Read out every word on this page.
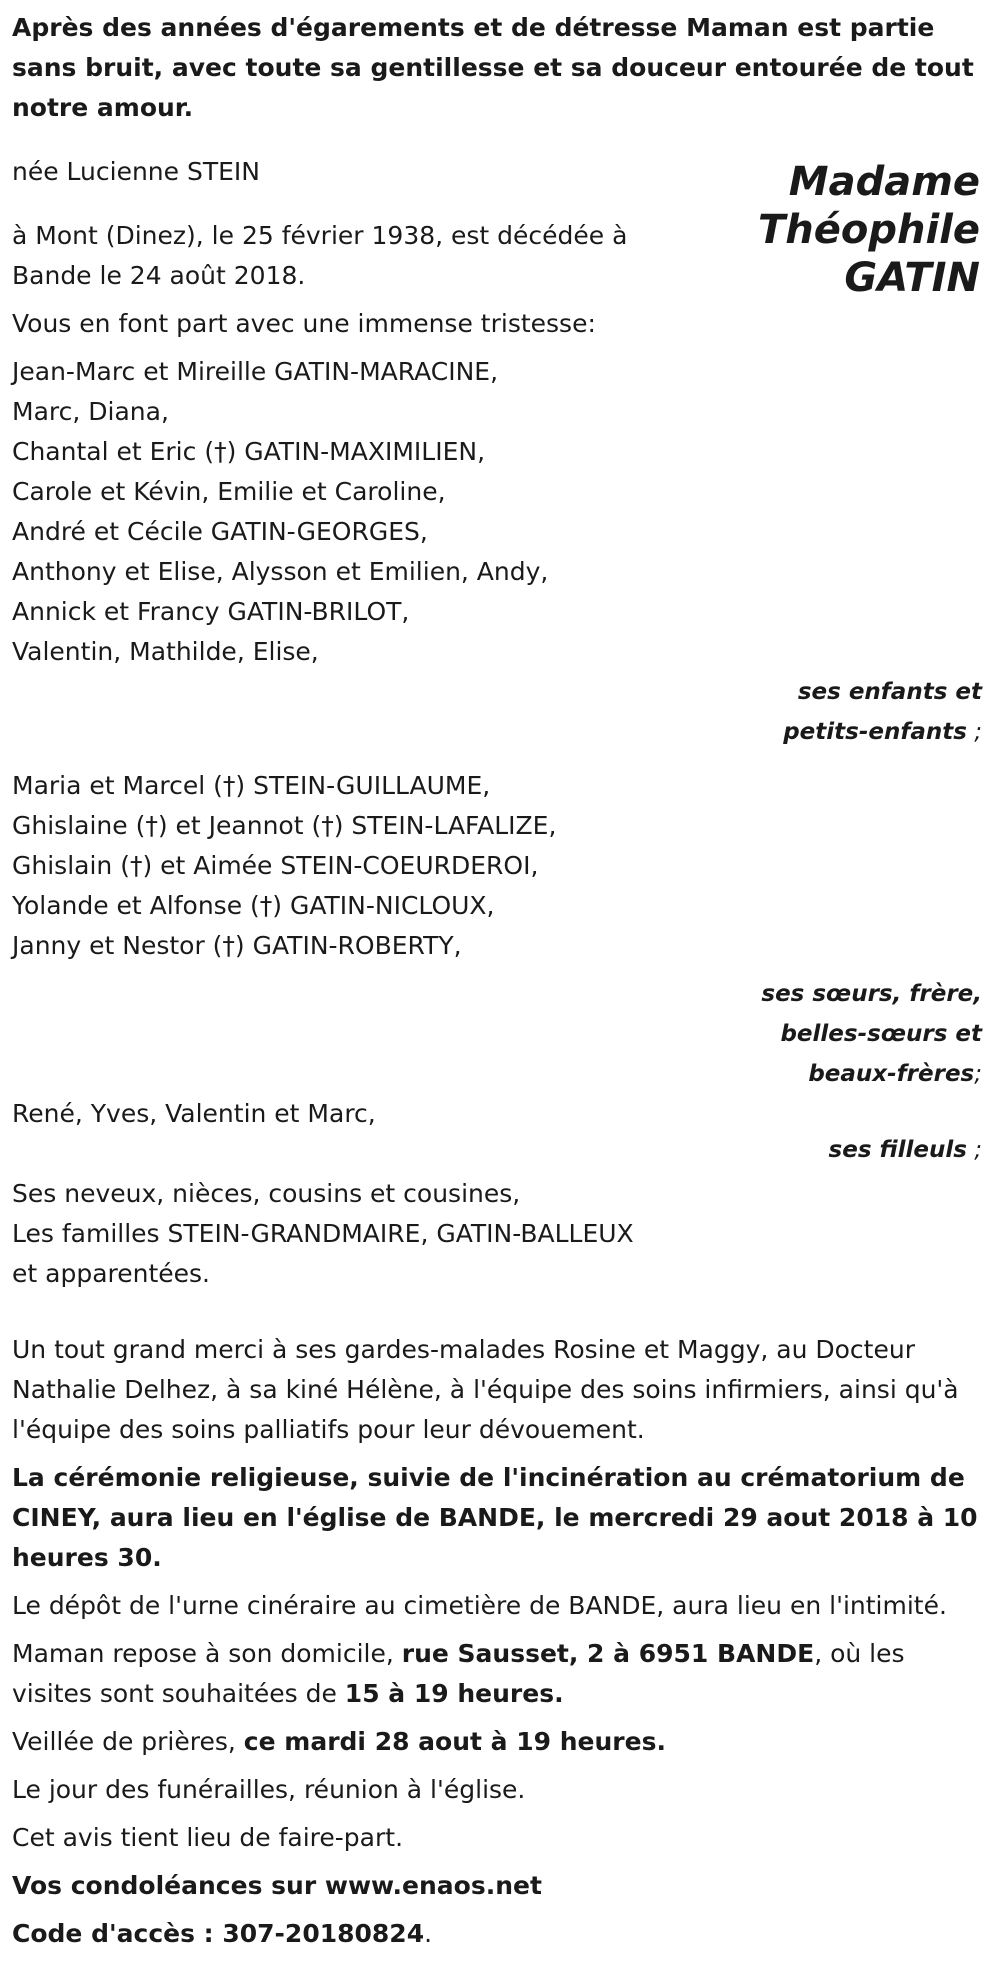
Après des années d'égarements et de détresse Maman est partie sans bruit, avec toute sa gentillesse et sa douceur entourée de tout notre amour.

Madame
Théophile
GATIN

née Lucienne STEIN

à Mont (Dinez), le 25 février 1938, est décédée à Bande le 24 août 2018.

Vous en font part avec une immense tristesse:

Jean-Marc et Mireille GATIN-MARACINE,
Marc, Diana,
Chantal et Eric (†) GATIN-MAXIMILIEN,
Carole et Kévin, Emilie et Caroline,
André et Cécile GATIN-GEORGES,
Anthony et Elise, Alysson et Emilien, Andy,
Annick et Francy GATIN-BRILOT,
Valentin, Mathilde, Elise,
ses enfants et
petits-enfants ;
Maria et Marcel (†) STEIN-GUILLAUME,
Ghislaine (†) et Jeannot (†) STEIN-LAFALIZE,
Ghislain (†) et Aimée STEIN-COEURDEROI,
Yolande et Alfonse (†) GATIN-NICLOUX,
Janny et Nestor (†) GATIN-ROBERTY,
ses sœurs, frère,
belles-sœurs et
beaux-frères;
René, Yves, Valentin et Marc,
ses filleuls ;
Ses neveux, nièces, cousins et cousines,
Les familles STEIN-GRANDMAIRE, GATIN-BALLEUX
et apparentées.

Un tout grand merci à ses gardes-malades Rosine et Maggy, au Docteur Nathalie Delhez, à sa kiné Hélène, à l'équipe des soins infirmiers, ainsi qu'à l'équipe des soins palliatifs pour leur dévouement.

La cérémonie religieuse, suivie de l'incinération au crématorium de CINEY, aura lieu en l'église de BANDE, le mercredi 29 aout 2018 à 10 heures 30.

Le dépôt de l'urne cinéraire au cimetière de BANDE, aura lieu en l'intimité.

Maman repose à son domicile, rue Sausset, 2 à 6951 BANDE, où les visites sont souhaitées de 15 à 19 heures.

Veillée de prières, ce mardi 28 aout à 19 heures.

Le jour des funérailles, réunion à l'église.

Cet avis tient lieu de faire-part.

Vos condoléances sur www.enaos.net

Code d'accès : 307-20180824.
